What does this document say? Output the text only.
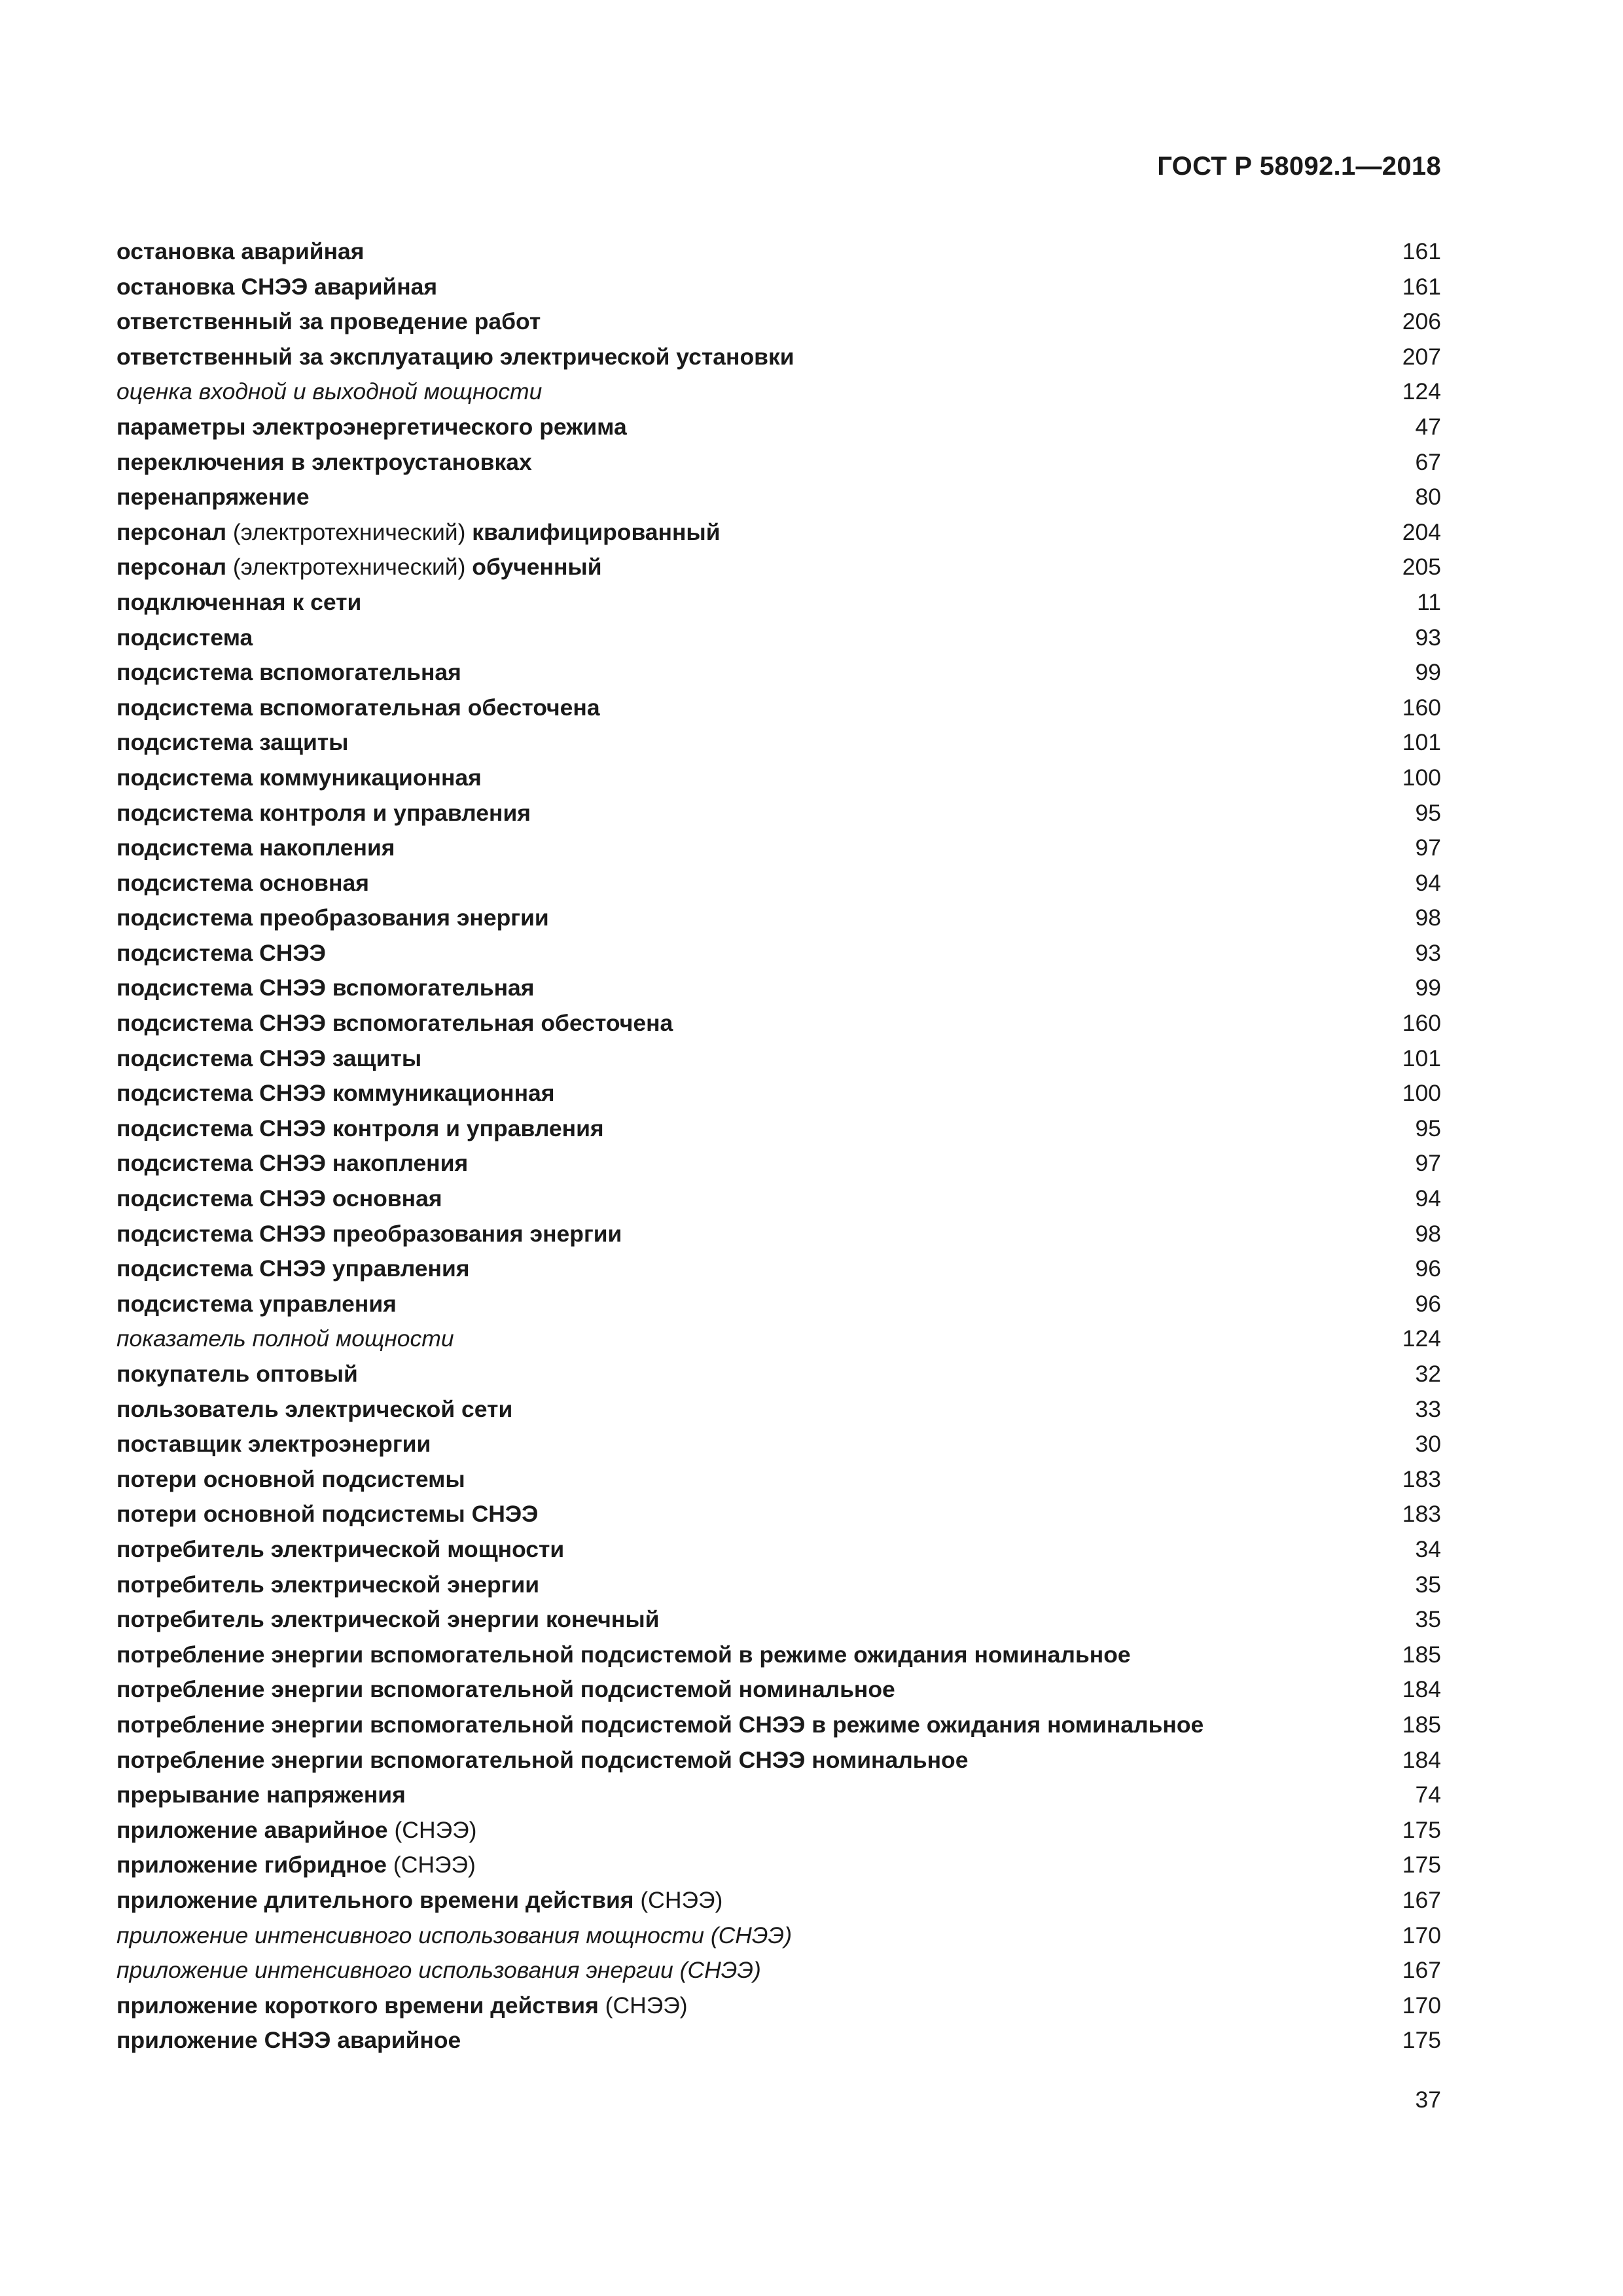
ГОСТ Р 58092.1—2018
остановка аварийная	161
остановка СНЭЭ аварийная	161
ответственный за проведение работ	206
ответственный за эксплуатацию электрической установки	207
оценка входной и выходной мощности	124
параметры электроэнергетического режима	47
переключения в электроустановках	67
перенапряжение	80
персонал (электротехнический) квалифицированный	204
персонал (электротехнический) обученный	205
подключенная к сети	11
подсистема	93
подсистема вспомогательная	99
подсистема вспомогательная обесточена	160
подсистема защиты	101
подсистема коммуникационная	100
подсистема контроля и управления	95
подсистема накопления	97
подсистема основная	94
подсистема преобразования энергии	98
подсистема СНЭЭ	93
подсистема СНЭЭ вспомогательная	99
подсистема СНЭЭ вспомогательная обесточена	160
подсистема СНЭЭ защиты	101
подсистема СНЭЭ коммуникационная	100
подсистема СНЭЭ контроля и управления	95
подсистема СНЭЭ накопления	97
подсистема СНЭЭ основная	94
подсистема СНЭЭ преобразования энергии	98
подсистема СНЭЭ управления	96
подсистема управления	96
показатель полной мощности	124
покупатель оптовый	32
пользователь электрической сети	33
поставщик электроэнергии	30
потери основной подсистемы	183
потери основной подсистемы СНЭЭ	183
потребитель электрической мощности	34
потребитель электрической энергии	35
потребитель электрической энергии конечный	35
потребление энергии вспомогательной подсистемой в режиме ожидания номинальное	185
потребление энергии вспомогательной подсистемой номинальное	184
потребление энергии вспомогательной подсистемой СНЭЭ в режиме ожидания номинальное	185
потребление энергии вспомогательной подсистемой СНЭЭ номинальное	184
прерывание напряжения	74
приложение аварийное (СНЭЭ)	175
приложение гибридное (СНЭЭ)	175
приложение длительного времени действия (СНЭЭ)	167
приложение интенсивного использования мощности (СНЭЭ)	170
приложение интенсивного использования энергии (СНЭЭ)	167
приложение короткого времени действия (СНЭЭ)	170
приложение СНЭЭ аварийное	175
37
